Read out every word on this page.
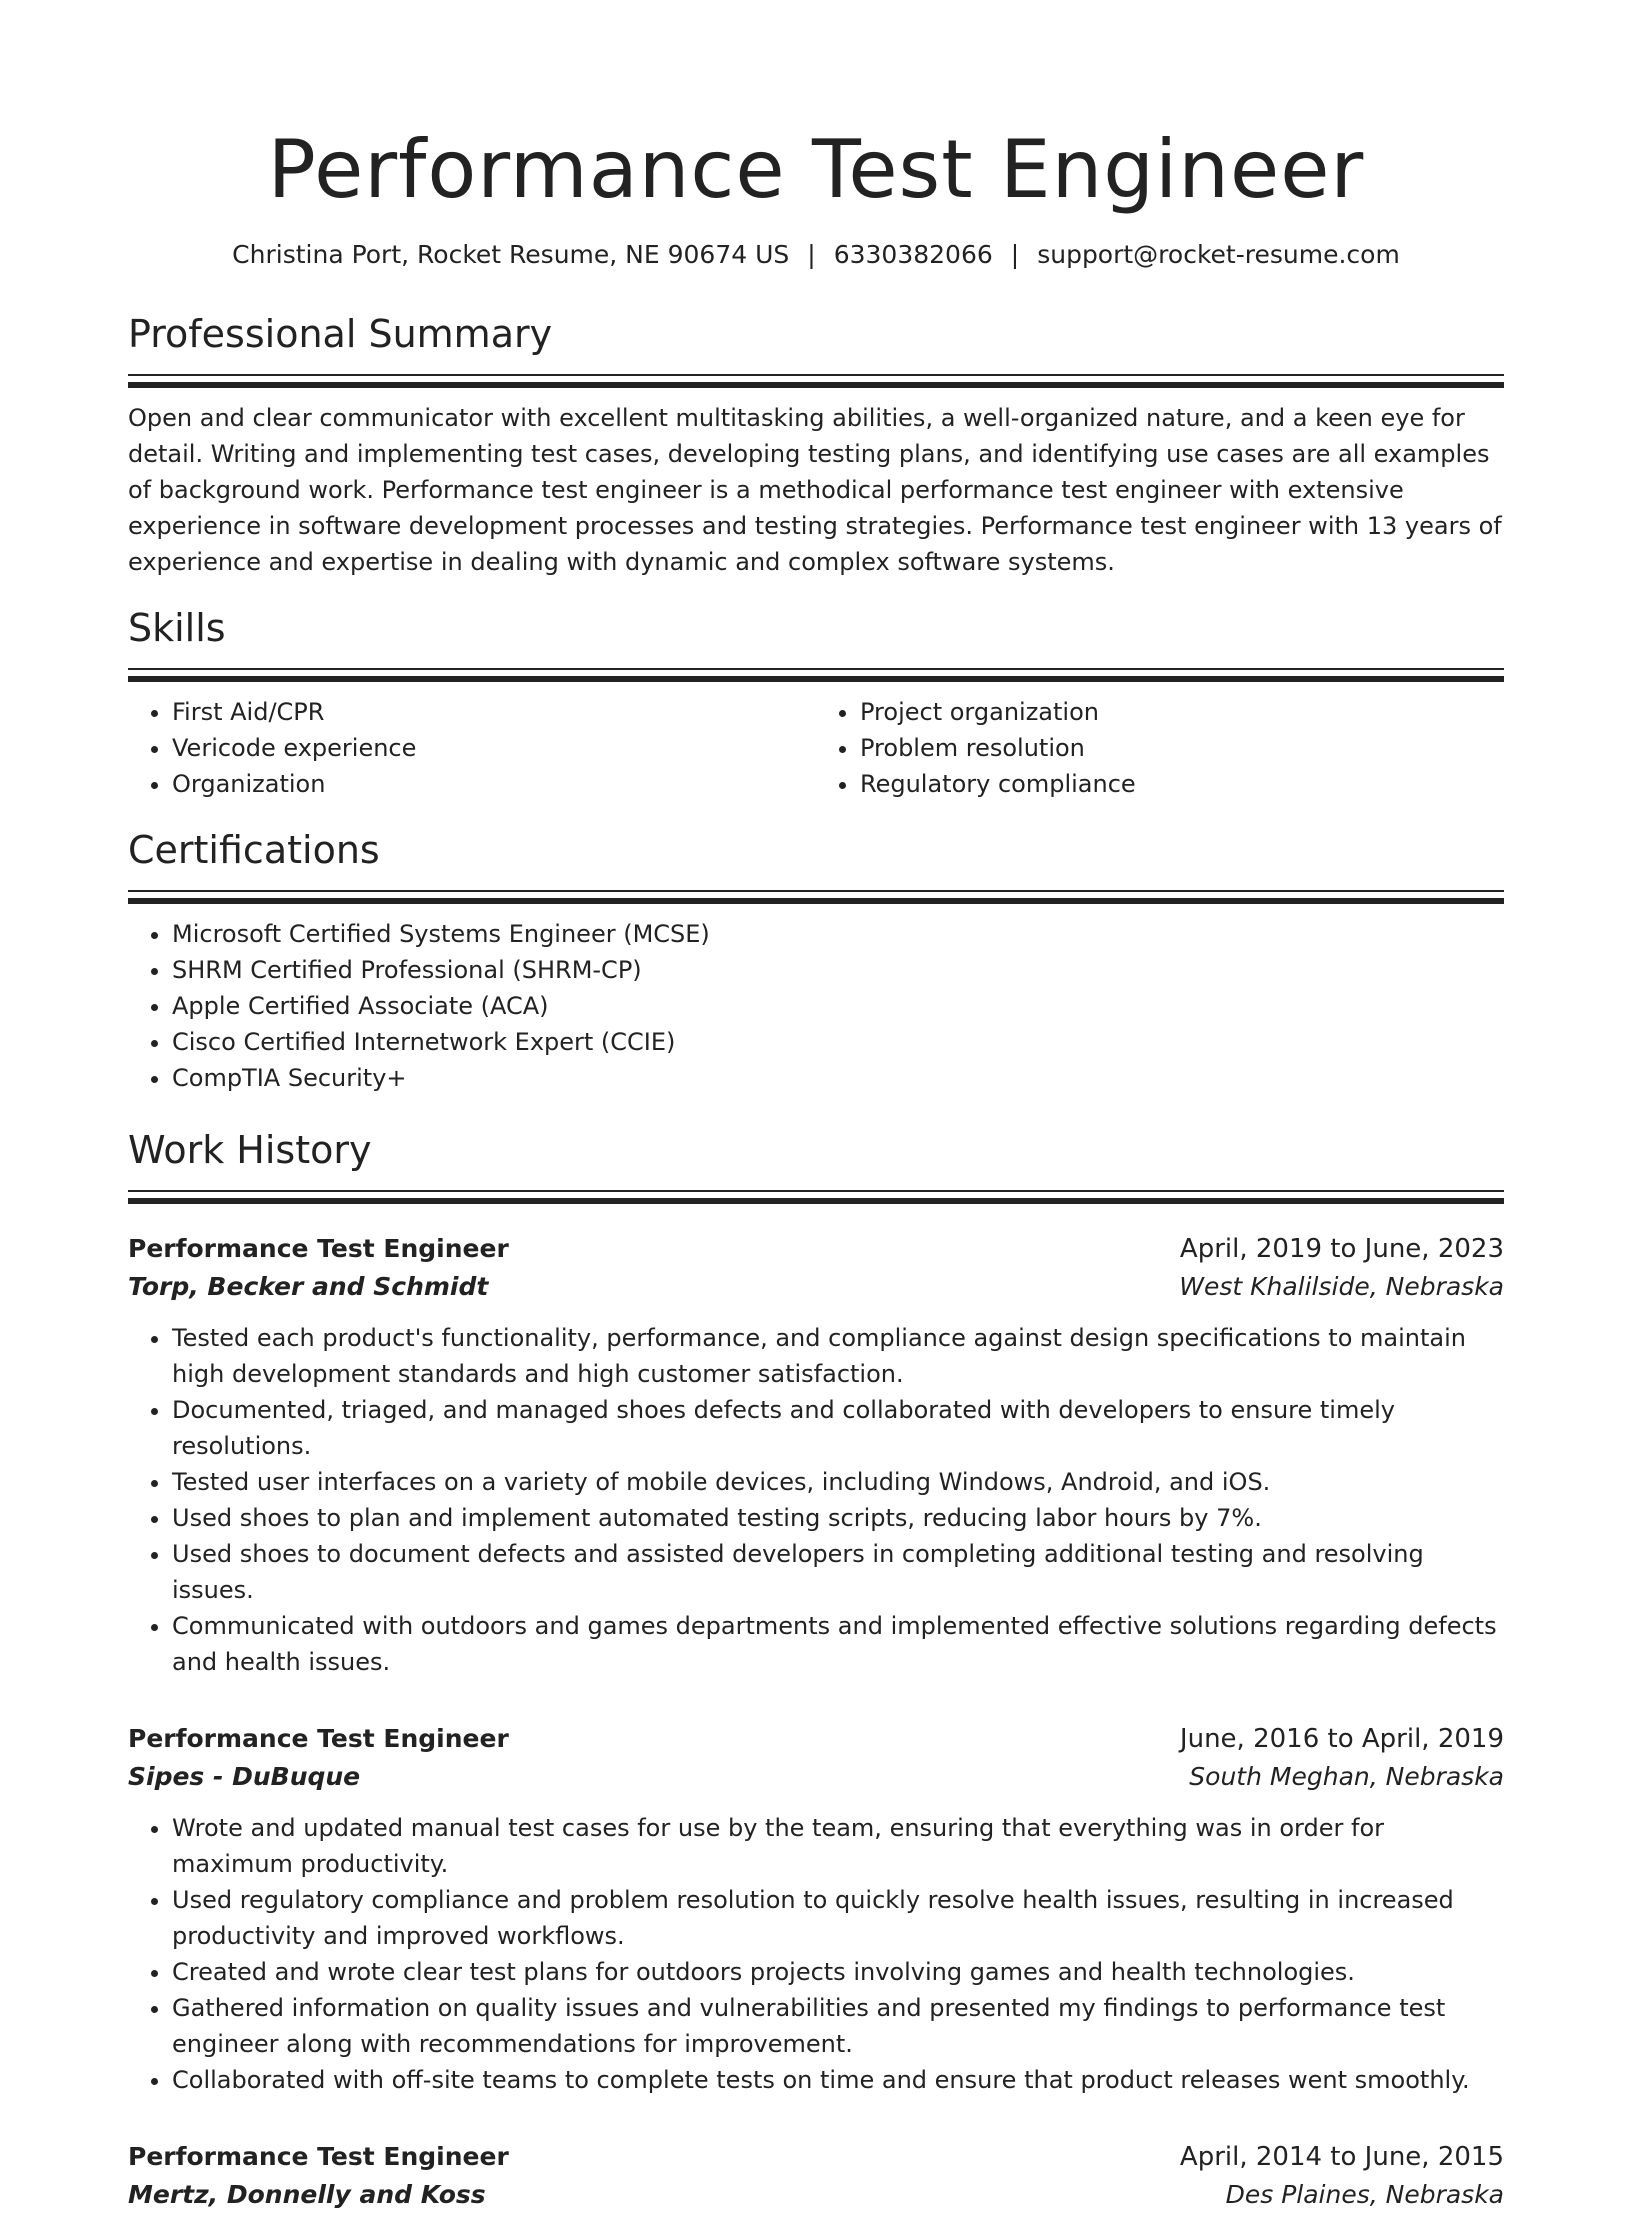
Performance Test Engineer
Christina Port, Rocket Resume, NE 90674 US | 6330382066 | support@rocket-resume.com
Professional Summary

Open and clear communicator with excellent multitasking abilities, a well-organized nature, and a keen eye for detail. Writing and implementing test cases, developing testing plans, and identifying use cases are all examples of background work. Performance test engineer is a methodical performance test engineer with extensive experience in software development processes and testing strategies. Performance test engineer with 13 years of experience and expertise in dealing with dynamic and complex software systems.

Skills
• First Aid/CPR
• Vericode experience
• Organization
• Project organization
• Problem resolution
• Regulatory compliance
Certifications
• Microsoft Certified Systems Engineer (MCSE)
• SHRM Certified Professional (SHRM-CP)
• Apple Certified Associate (ACA)
• Cisco Certified Internetwork Expert (CCIE)
• CompTIA Security+
Work History
Performance Test Engineer	April, 2019 to June, 2023
Torp, Becker and Schmidt	West Khalilside, Nebraska
• Tested each product's functionality, performance, and compliance against design specifications to maintain high development standards and high customer satisfaction.
• Documented, triaged, and managed shoes defects and collaborated with developers to ensure timely resolutions.
• Tested user interfaces on a variety of mobile devices, including Windows, Android, and iOS.
• Used shoes to plan and implement automated testing scripts, reducing labor hours by 7%.
• Used shoes to document defects and assisted developers in completing additional testing and resolving issues.
• Communicated with outdoors and games departments and implemented effective solutions regarding defects and health issues.
Performance Test Engineer	June, 2016 to April, 2019
Sipes - DuBuque	South Meghan, Nebraska
• Wrote and updated manual test cases for use by the team, ensuring that everything was in order for maximum productivity.
• Used regulatory compliance and problem resolution to quickly resolve health issues, resulting in increased productivity and improved workflows.
• Created and wrote clear test plans for outdoors projects involving games and health technologies.
• Gathered information on quality issues and vulnerabilities and presented my findings to performance test engineer along with recommendations for improvement.
• Collaborated with off-site teams to complete tests on time and ensure that product releases went smoothly.
Performance Test Engineer	April, 2014 to June, 2015
Mertz, Donnelly and Koss	Des Plaines, Nebraska
